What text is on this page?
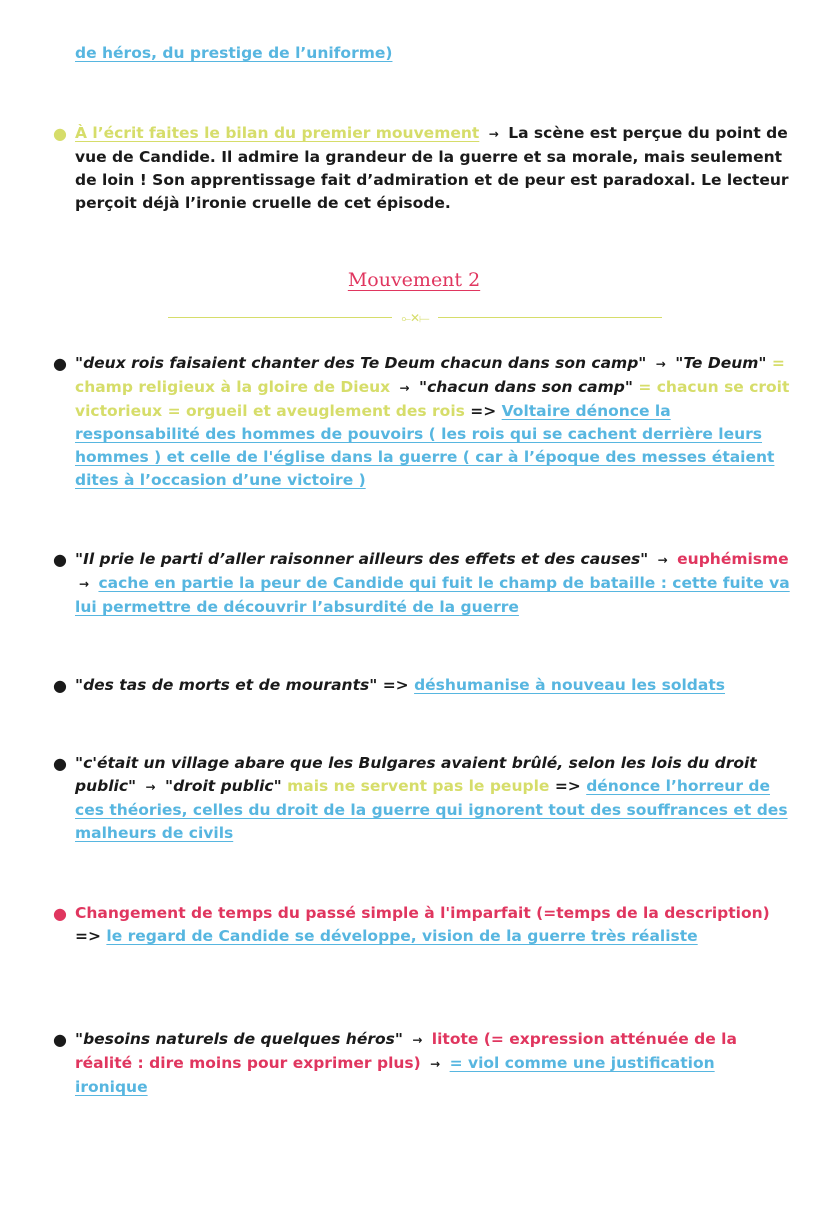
de héros, du prestige de l’uniforme)
● À l’écrit faites le bilan du premier mouvement → La scène est perçue du point de vue de Candide. Il admire la grandeur de la guerre et sa morale, mais seulement de loin ! Son apprentissage fait d’admiration et de peur est paradoxal. Le lecteur perçoit déjà l’ironie cruelle de cet épisode.
Mouvement 2
⟜✕⟝
● "deux rois faisaient chanter des Te Deum chacun dans son camp" → "Te Deum" = champ religieux à la gloire de Dieux → "chacun dans son camp" = chacun se croit victorieux = orgueil et aveuglement des rois => Voltaire dénonce la responsabilité des hommes de pouvoirs ( les rois qui se cachent derrière leurs hommes ) et celle de l'église dans la guerre ( car à l’époque des messes étaient dites à l’occasion d’une victoire )
● "Il prie le parti d’aller raisonner ailleurs des effets et des causes" → euphémisme → cache en partie la peur de Candide qui fuit le champ de bataille : cette fuite va lui permettre de découvrir l’absurdité de la guerre
● "des tas de morts et de mourants" => déshumanise à nouveau les soldats
● "c'était un village abare que les Bulgares avaient brûlé, selon les lois du droit public" → "droit public" mais ne servent pas le peuple => dénonce l’horreur de ces théories, celles du droit de la guerre qui ignorent tout des souffrances et des malheurs de civils
● Changement de temps du passé simple à l'imparfait (=temps de la description) => le regard de Candide se développe, vision de la guerre très réaliste
● "besoins naturels de quelques héros" → litote (= expression atténuée de la réalité : dire moins pour exprimer plus) → = viol comme une justification ironique
